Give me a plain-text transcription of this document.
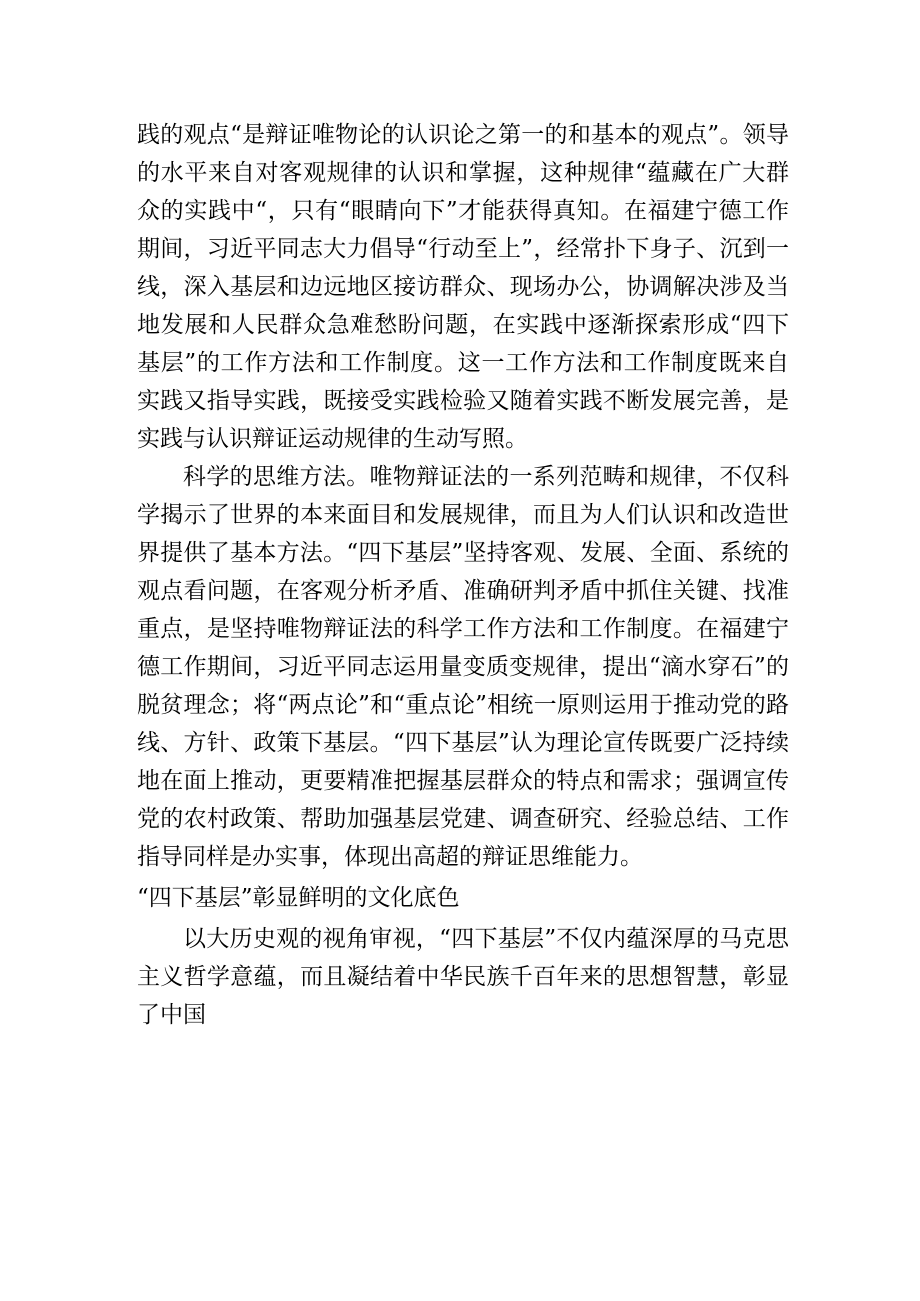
践的观点“是辩证唯物论的认识论之第一的和基本的观点”。领导的水平来自对客观规律的认识和掌握，这种规律“蕴藏在广大群众的实践中“，只有“眼睛向下”才能获得真知。在福建宁德工作期间，习近平同志大力倡导“行动至上”，经常扑下身子、沉到一线，深入基层和边远地区接访群众、现场办公，协调解决涉及当地发展和人民群众急难愁盼问题，在实践中逐渐探索形成“四下基层”的工作方法和工作制度。这一工作方法和工作制度既来自实践又指导实践，既接受实践检验又随着实践不断发展完善，是实践与认识辩证运动规律的生动写照。

科学的思维方法。唯物辩证法的一系列范畴和规律，不仅科学揭示了世界的本来面目和发展规律，而且为人们认识和改造世界提供了基本方法。“四下基层”坚持客观、发展、全面、系统的观点看问题，在客观分析矛盾、准确研判矛盾中抓住关键、找准重点，是坚持唯物辩证法的科学工作方法和工作制度。在福建宁德工作期间，习近平同志运用量变质变规律，提出“滴水穿石”的脱贫理念；将“两点论”和“重点论”相统一原则运用于推动党的路线、方针、政策下基层。“四下基层”认为理论宣传既要广泛持续地在面上推动，更要精准把握基层群众的特点和需求；强调宣传党的农村政策、帮助加强基层党建、调查研究、经验总结、工作指导同样是办实事，体现出高超的辩证思维能力。

“四下基层”彰显鲜明的文化底色

以大历史观的视角审视，“四下基层”不仅内蕴深厚的马克思主义哲学意蕴，而且凝结着中华民族千百年来的思想智慧，彰显了中国
